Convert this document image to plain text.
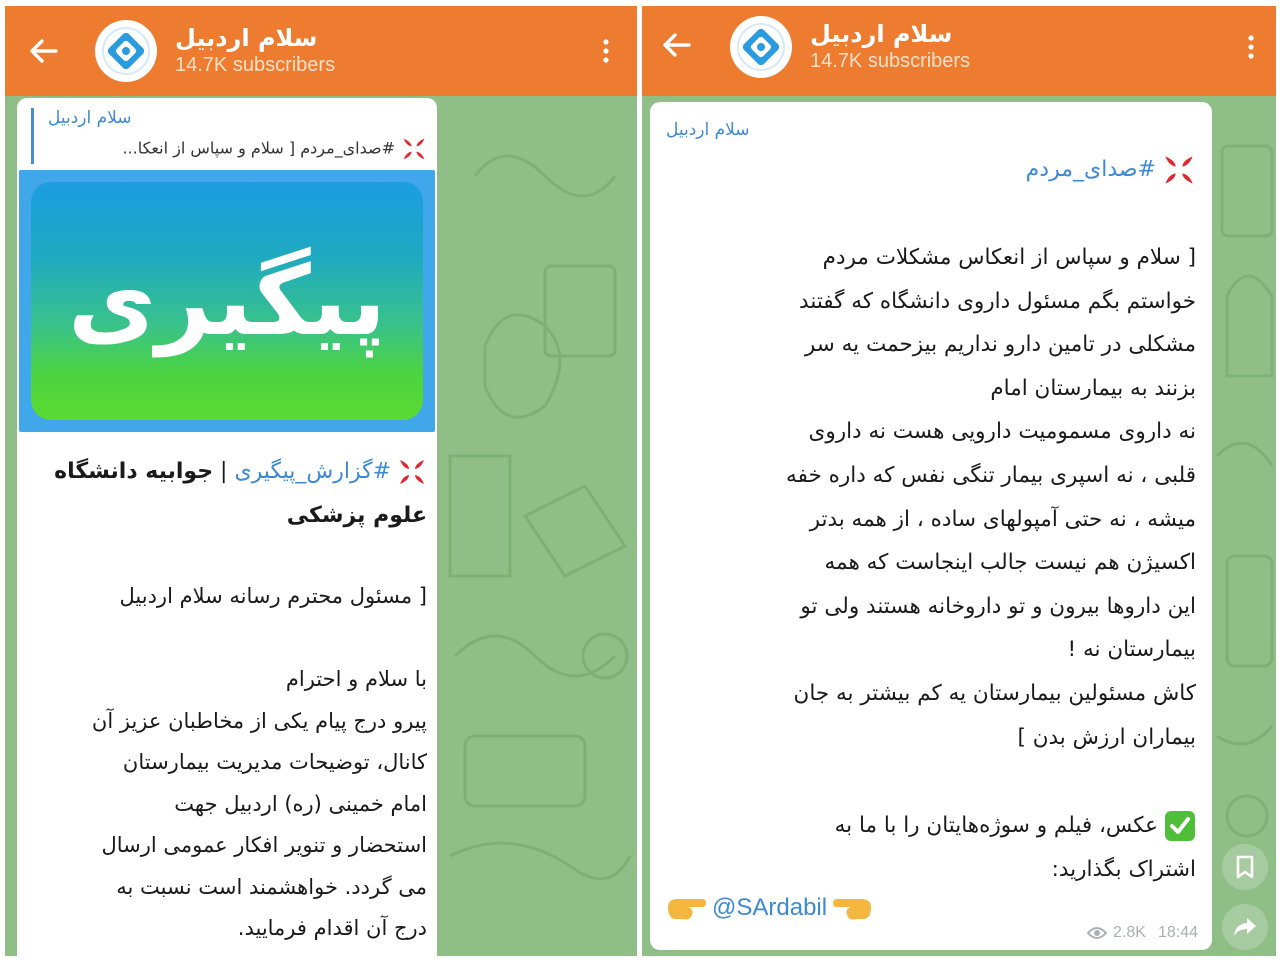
سلام اردبیل
14.7K subscribers
سلام اردبیل
#صدای_مردم [ سلام و سپاس از انعکا...
پیگیری
#گزارش_پیگیری | جوابیه دانشگاه
علوم پزشکی
[ مسئول محترم رسانه سلام اردبیل

با سلام و احترام
پیرو درج پیام یکی از مخاطبان عزیز آن
کانال، توضیحات مدیریت بیمارستان
امام خمینی (ره) اردبیل جهت
استحضار و تنویر افکار عمومی ارسال
می گردد. خواهشمند است نسبت به
درج آن اقدام فرمایید.
سلام اردبیل
14.7K subscribers
سلام اردبیل
#صدای_مردم
[ سلام و سپاس از انعکاس مشکلات مردم
خواستم بگم مسئول داروی دانشگاه که گفتند
مشکلی در تامین دارو نداریم بیزحمت یه سر
بزنند به بیمارستان امام
نه داروی مسمومیت دارویی هست نه داروی
قلبی ، نه اسپری بیمار تنگی نفس که داره خفه
میشه ، نه حتی آمپولهای ساده ، از همه بدتر
اکسیژن هم نیست جالب اینجاست که همه
این داروها بیرون و تو داروخانه هستند ولی تو
بیمارستان نه !
کاش مسئولین بیمارستان یه کم بیشتر به جان
بیماران ارزش بدن ]
عکس، فیلم و سوژه‌هایتان را با ما به
اشتراک بگذارید:
@SArdabil
2.8K 18:44
